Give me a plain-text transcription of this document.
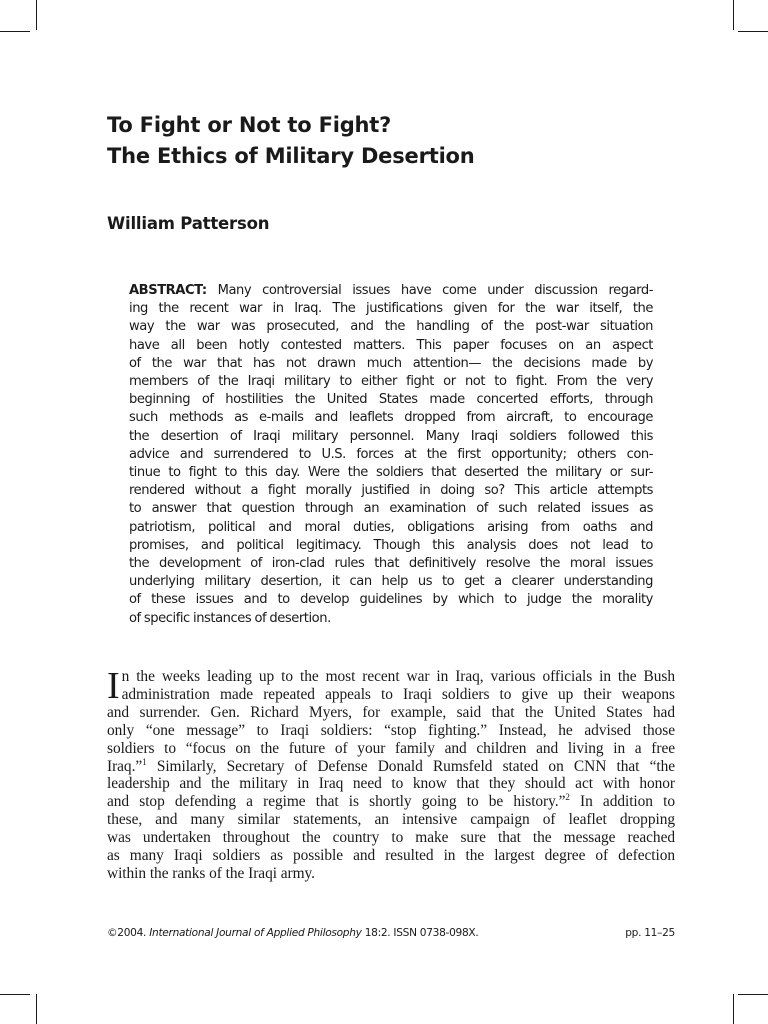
To Fight or Not to Fight?
The Ethics of Military Desertion

William Patterson

ABSTRACT: Many controversial issues have come under discussion regard-
ing the recent war in Iraq. The justifications given for the war itself, the
way the war was prosecuted, and the handling of the post-war situation
have all been hotly contested matters. This paper focuses on an aspect
of the war that has not drawn much attention— the decisions made by
members of the Iraqi military to either fight or not to fight. From the very
beginning of hostilities the United States made concerted efforts, through
such methods as e-mails and leaflets dropped from aircraft, to encourage
the desertion of Iraqi military personnel. Many Iraqi soldiers followed this
advice and surrendered to U.S. forces at the first opportunity; others con-
tinue to fight to this day. Were the soldiers that deserted the military or sur-
rendered without a fight morally justified in doing so? This article attempts
to answer that question through an examination of such related issues as
patriotism, political and moral duties, obligations arising from oaths and
promises, and political legitimacy. Though this analysis does not lead to
the development of iron-clad rules that definitively resolve the moral issues
underlying military desertion, it can help us to get a clearer understanding
of these issues and to develop guidelines by which to judge the morality
of specific instances of desertion.
I n the weeks leading up to the most recent war in Iraq, various officials in the Bush
administration made repeated appeals to Iraqi soldiers to give up their weapons
and surrender. Gen. Richard Myers, for example, said that the United States had
only “one message” to Iraqi soldiers: “stop fighting.” Instead, he advised those
soldiers to “focus on the future of your family and children and living in a free
Iraq.”$^1$ Similarly, Secretary of Defense Donald Rumsfeld stated on CNN that “the
leadership and the military in Iraq need to know that they should act with honor
and stop defending a regime that is shortly going to be history.”$^2$ In addition to
these, and many similar statements, an intensive campaign of leaflet dropping
was undertaken throughout the country to make sure that the message reached
as many Iraqi soldiers as possible and resulted in the largest degree of defection
within the ranks of the Iraqi army.
©2004. International Journal of Applied Philosophy 18:2. ISSN 0738-098X.	pp. 11–25
